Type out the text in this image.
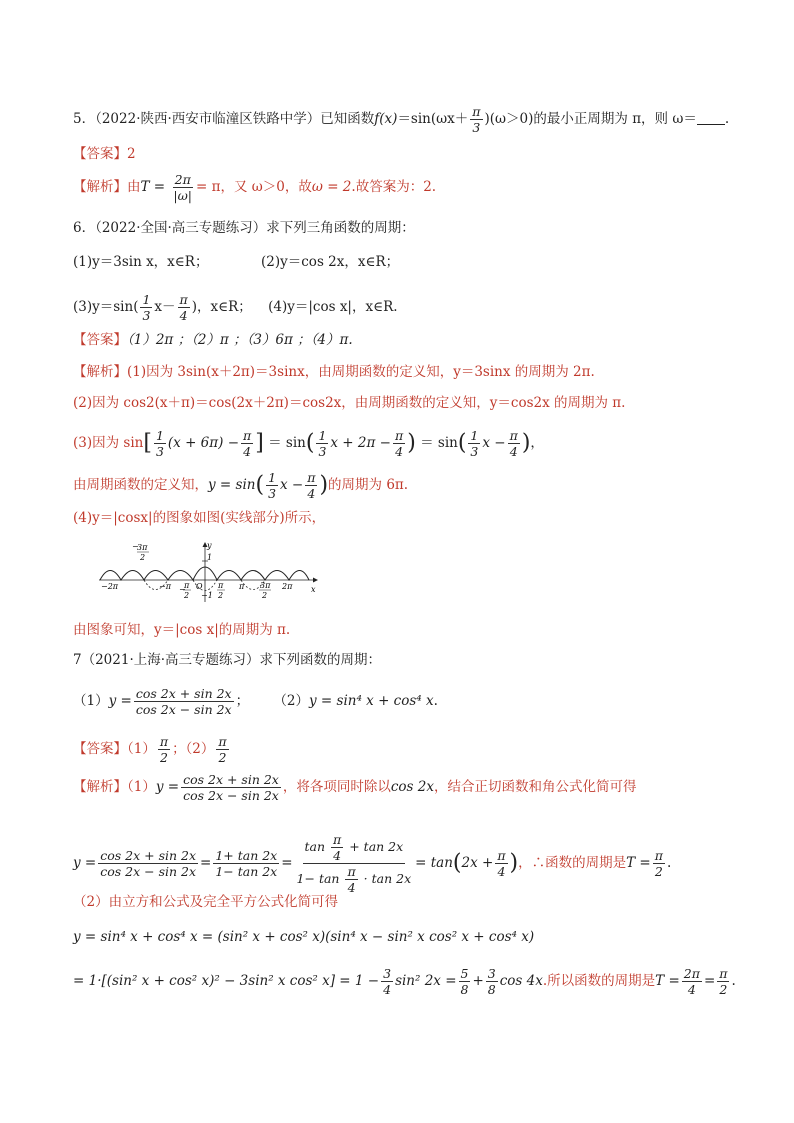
5．（2022·陕西·西安市临潼区铁路中学）已知函数$f(x)=\sin(\omega x+ \frac{\pi}{3} )(\omega>0)$的最小正周期为 π，则 ω＝ .
【答案】2
【解析】由$T = \frac{2\pi}{|\omega|} = \pi$，又 ω＞0，故ω = 2.故答案为：2.
6．（2022·全国·高三专题练习）求下列三角函数的周期：
(1)y＝3sin x，x∈R；	(2)y＝cos 2x，x∈R；
$(3)y=\sin( \frac{1}{3} x- \frac{\pi}{4}$ )，x∈R； (4)y＝|cos x|，x∈R.
【答案】（1）2π ；（2）π ；（3）6π ；（4）π.
【解析】(1)因为 3sin(x＋2π)＝3sinx，由周期函数的定义知，y＝3sinx 的周期为 2π.
(2)因为 cos2(x＋π)＝cos(2x＋2π)＝cos2x，由周期函数的定义知，y＝cos2x 的周期为 π.
(3)因为 $\sin[ \frac{1}{3} (x + 6\pi) - \frac{\pi}{4}$ ] ＝ $\sin( \frac{1}{3}$ $x + 2\pi - \frac{\pi}{4}$ ) ＝ $\sin( \frac{1}{3}$ $x - \frac{\pi}{4}$ )，
由周期函数的定义知，$y = \sin( \frac{1}{3}$ $x - \frac{\pi}{4}$ )的周期为 6π.
(4)y＝|cosx|的图象如图(实线部分)所示，
y
x
1
O
−1
−2π
−
3π
2
−π −
π
2
π
2
π 3π
2
2π
由图象可知，y＝|cos x|的周期为 π.
7（2021·上海·高三专题练习）求下列函数的周期：
$(1)y = \frac{\cos 2x + \sin 2x}{\cos 2x - \sin 2x}$ ； （2）y = sin⁴ x + cos⁴ x.
【答案】$(1) \frac{\pi}{2}$ ；$(2) \frac{\pi}{2}$
【解析】$(1)y = \frac{\cos 2x + \sin 2x}{\cos 2x - \sin 2x}$ ，将各项同时除以cos 2x，结合正切函数和角公式化简可得
$y = \frac{\cos 2x + \sin 2x}{\cos 2x - \sin 2x} = \frac{1+ \tan 2x}{1- \tan 2x} = \frac{\tan \frac{\pi}{4} + \tan 2x}{1- \tan \frac{\pi}{4} \cdot \tan 2x} = \tan(2x + \frac{\pi}{4}$ )，∴函数的周期是$T = \frac{\pi}{2}$ .
（2）由立方和公式及完全平方公式化简可得
y = sin⁴ x + cos⁴ x = (sin² x + cos² x)(sin⁴ x − sin² x cos² x + cos⁴ x)
= 1·[(sin² x + cos² x)² − 3sin² x cos² $x] = 1 - \frac{3}{4} \sin^2$ $2x = \frac{5}{8} + \frac{3}{8}$ cos 4x.所以函数的周期是$T = \frac{2\pi}{4} = \frac{\pi}{2}$ .
